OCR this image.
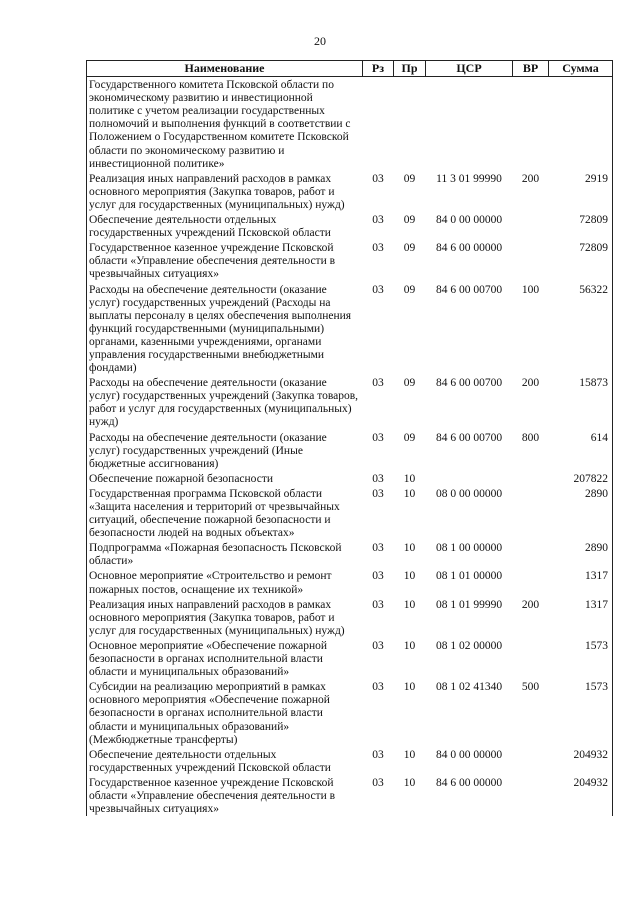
20
Наименование	Рз	Пр	ЦСР	ВР	Сумма
Государственного комитета Псковской области по экономическому развитию и инвестиционной политике с учетом реализации государственных полномочий и выполнения функций в соответствии с Положением о Государственном комитете Псковской области по экономическому развитию и инвестиционной политике»					
Реализация иных направлений расходов в рамках основного мероприятия (Закупка товаров, работ и услуг для государственных (муниципальных) нужд)	03	09	11 3 01 99990	200	2919
Обеспечение деятельности отдельных государственных учреждений Псковской области	03	09	84 0 00 00000		72809
Государственное казенное учреждение Псковской области «Управление обеспечения деятельности в чрезвычайных ситуациях»	03	09	84 6 00 00000		72809
Расходы на обеспечение деятельности (оказание услуг) государственных учреждений (Расходы на выплаты персоналу в целях обеспечения выполнения функций государственными (муниципальными) органами, казенными учреждениями, органами управления государственными внебюджетными фондами)	03	09	84 6 00 00700	100	56322
Расходы на обеспечение деятельности (оказание услуг) государственных учреждений (Закупка товаров, работ и услуг для государственных (муниципальных) нужд)	03	09	84 6 00 00700	200	15873
Расходы на обеспечение деятельности (оказание услуг) государственных учреждений (Иные бюджетные ассигнования)	03	09	84 6 00 00700	800	614
Обеспечение пожарной безопасности	03	10			207822
Государственная программа Псковской области «Защита населения и территорий от чрезвычайных ситуаций, обеспечение пожарной безопасности и безопасности людей на водных объектах»	03	10	08 0 00 00000		2890
Подпрограмма «Пожарная безопасность Псковской области»	03	10	08 1 00 00000		2890
Основное мероприятие «Строительство и ремонт пожарных постов, оснащение их техникой»	03	10	08 1 01 00000		1317
Реализация иных направлений расходов в рамках основного мероприятия (Закупка товаров, работ и услуг для государственных (муниципальных) нужд)	03	10	08 1 01 99990	200	1317
Основное мероприятие «Обеспечение пожарной безопасности в органах исполнительной власти области и муниципальных образований»	03	10	08 1 02 00000		1573
Субсидии на реализацию мероприятий в рамках основного мероприятия «Обеспечение пожарной безопасности в органах исполнительной власти области и муниципальных образований» (Межбюджетные трансферты)	03	10	08 1 02 41340	500	1573
Обеспечение деятельности отдельных государственных учреждений Псковской области	03	10	84 0 00 00000		204932
Государственное казенное учреждение Псковской области «Управление обеспечения деятельности в чрезвычайных ситуациях»	03	10	84 6 00 00000		204932
